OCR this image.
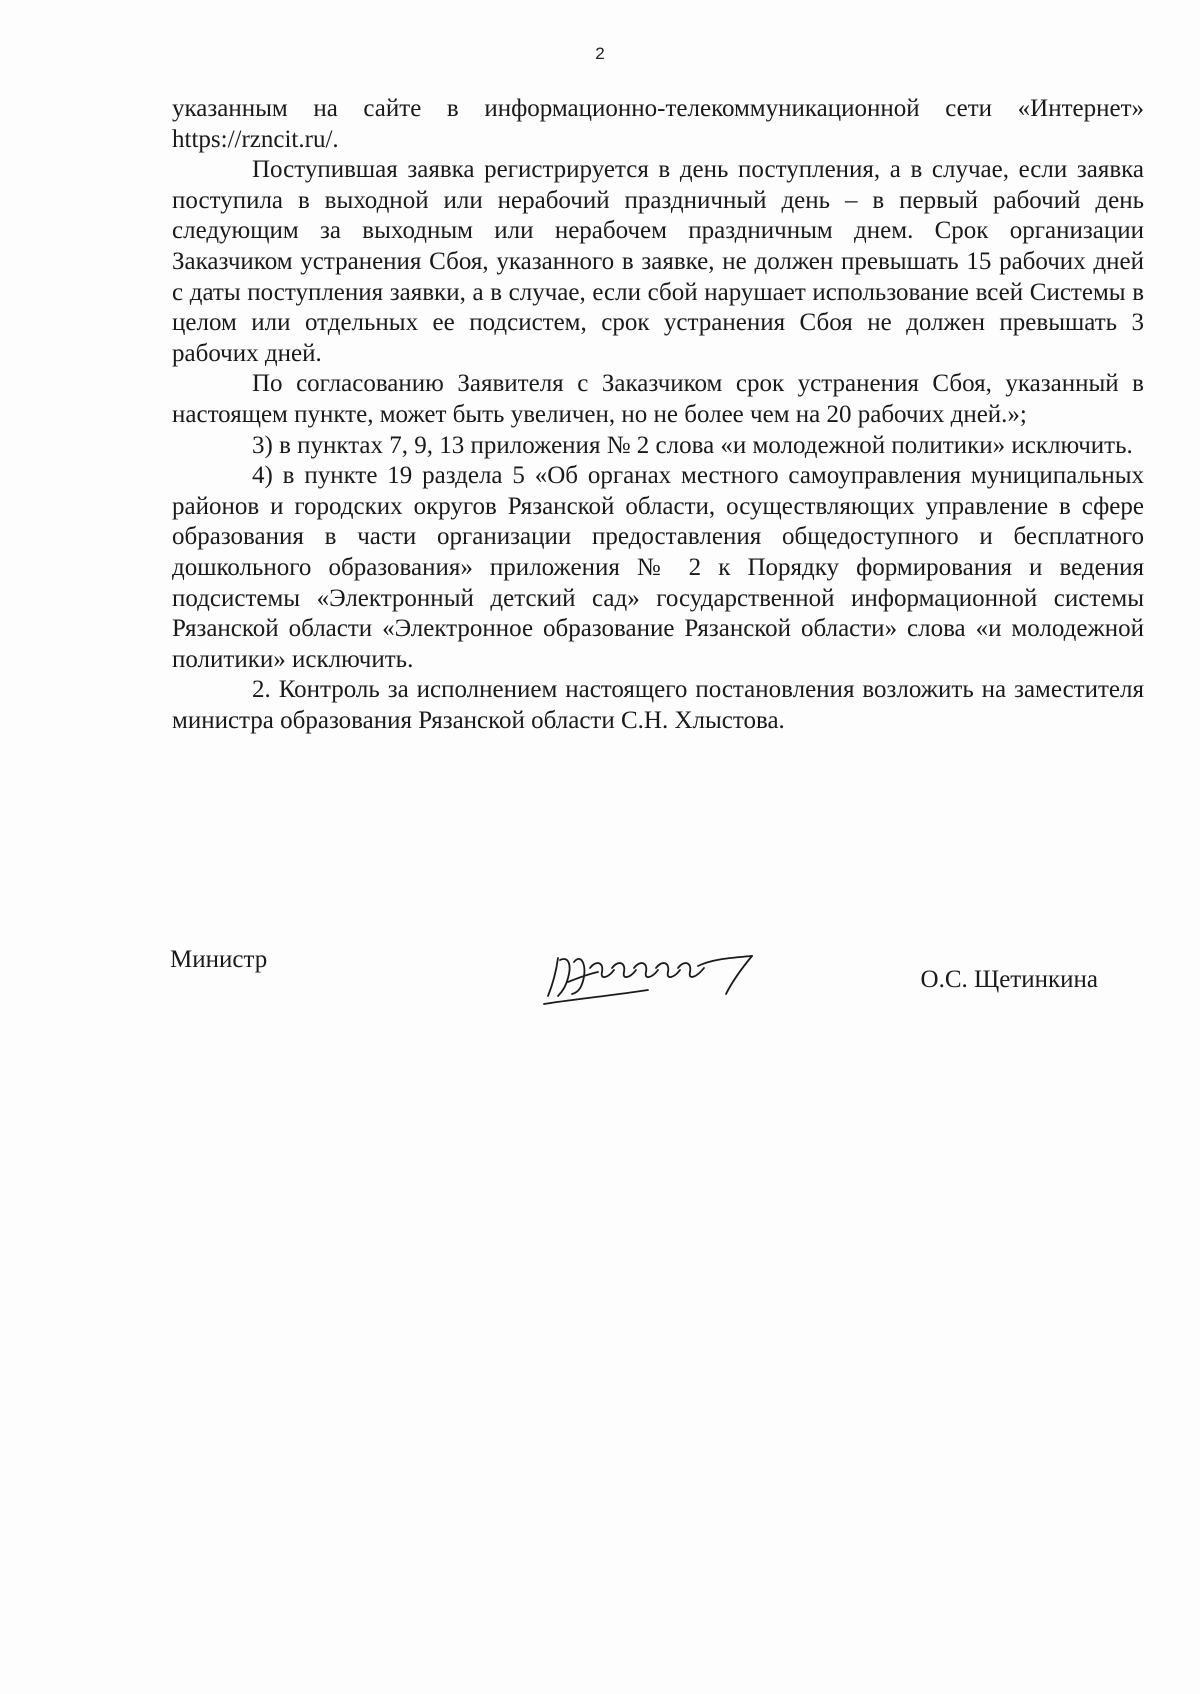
2

указанным на сайте в информационно-телекоммуникационной сети «Интернет» https://rzncit.ru/.

Поступившая заявка регистрируется в день поступления, а в случае, если заявка поступила в выходной или нерабочий праздничный день – в первый рабочий день следующим за выходным или нерабочем праздничным днем. Срок организации Заказчиком устранения Сбоя, указанного в заявке, не должен превышать 15 рабочих дней с даты поступления заявки, а в случае, если сбой нарушает использование всей Системы в целом или отдельных ее подсистем, срок устранения Сбоя не должен превышать 3 рабочих дней.

По согласованию Заявителя с Заказчиком срок устранения Сбоя, указанный в настоящем пункте, может быть увеличен, но не более чем на 20 рабочих дней.»;

3) в пунктах 7, 9, 13 приложения № 2 слова «и молодежной политики» исключить.

4) в пункте 19 раздела 5 «Об органах местного самоуправления муниципальных районов и городских округов Рязанской области, осуществляющих управление в сфере образования в части организации предоставления общедоступного и бесплатного дошкольного образования» приложения № 2 к Порядку формирования и ведения подсистемы «Электронный детский сад» государственной информационной системы Рязанской области «Электронное образование Рязанской области» слова «и молодежной политики» исключить.

2. Контроль за исполнением настоящего постановления возложить на заместителя министра образования Рязанской области С.Н. Хлыстова.

Министр
О.С. Щетинкина
